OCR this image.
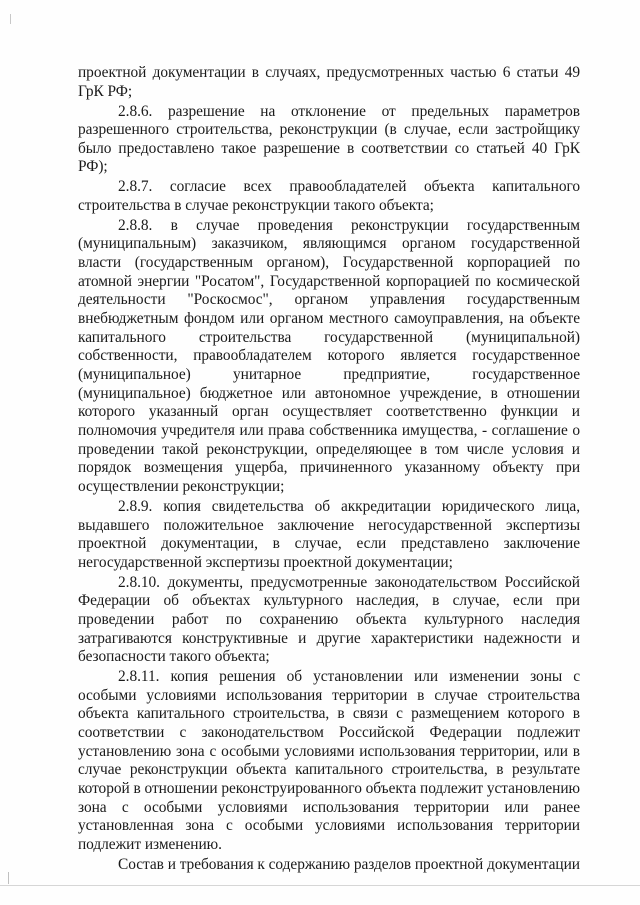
проектной документации в случаях, предусмотренных частью 6 статьи 49 ГрК РФ;

2.8.6. разрешение на отклонение от предельных параметров разрешенного строительства, реконструкции (в случае, если застройщику было предоставлено такое разрешение в соответствии со статьей 40 ГрК РФ);

2.8.7. согласие всех правообладателей объекта капитального строительства в случае реконструкции такого объекта;

2.8.8. в случае проведения реконструкции государственным (муниципальным) заказчиком, являющимся органом государственной власти (государственным органом), Государственной корпорацией по атомной энергии "Росатом", Государственной корпорацией по космической деятельности "Роскосмос", органом управления государственным внебюджетным фондом или органом местного самоуправления, на объекте капитального строительства государственной (муниципальной) собственности, правообладателем которого является государственное (муниципальное) унитарное предприятие, государственное (муниципальное) бюджетное или автономное учреждение, в отношении которого указанный орган осуществляет соответственно функции и полномочия учредителя или права собственника имущества, - соглашение о проведении такой реконструкции, определяющее в том числе условия и порядок возмещения ущерба, причиненного указанному объекту при осуществлении реконструкции;

2.8.9. копия свидетельства об аккредитации юридического лица, выдавшего положительное заключение негосударственной экспертизы проектной документации, в случае, если представлено заключение негосударственной экспертизы проектной документации;

2.8.10. документы, предусмотренные законодательством Российской Федерации об объектах культурного наследия, в случае, если при проведении работ по сохранению объекта культурного наследия затрагиваются конструктивные и другие характеристики надежности и безопасности такого объекта;

2.8.11. копия решения об установлении или изменении зоны с особыми условиями использования территории в случае строительства объекта капитального строительства, в связи с размещением которого в соответствии с законодательством Российской Федерации подлежит установлению зона с особыми условиями использования территории, или в случае реконструкции объекта капитального строительства, в результате которой в отношении реконструированного объекта подлежит установлению зона с особыми условиями использования территории или ранее установленная зона с особыми условиями использования территории подлежит изменению.

Состав и требования к содержанию разделов проектной документации
